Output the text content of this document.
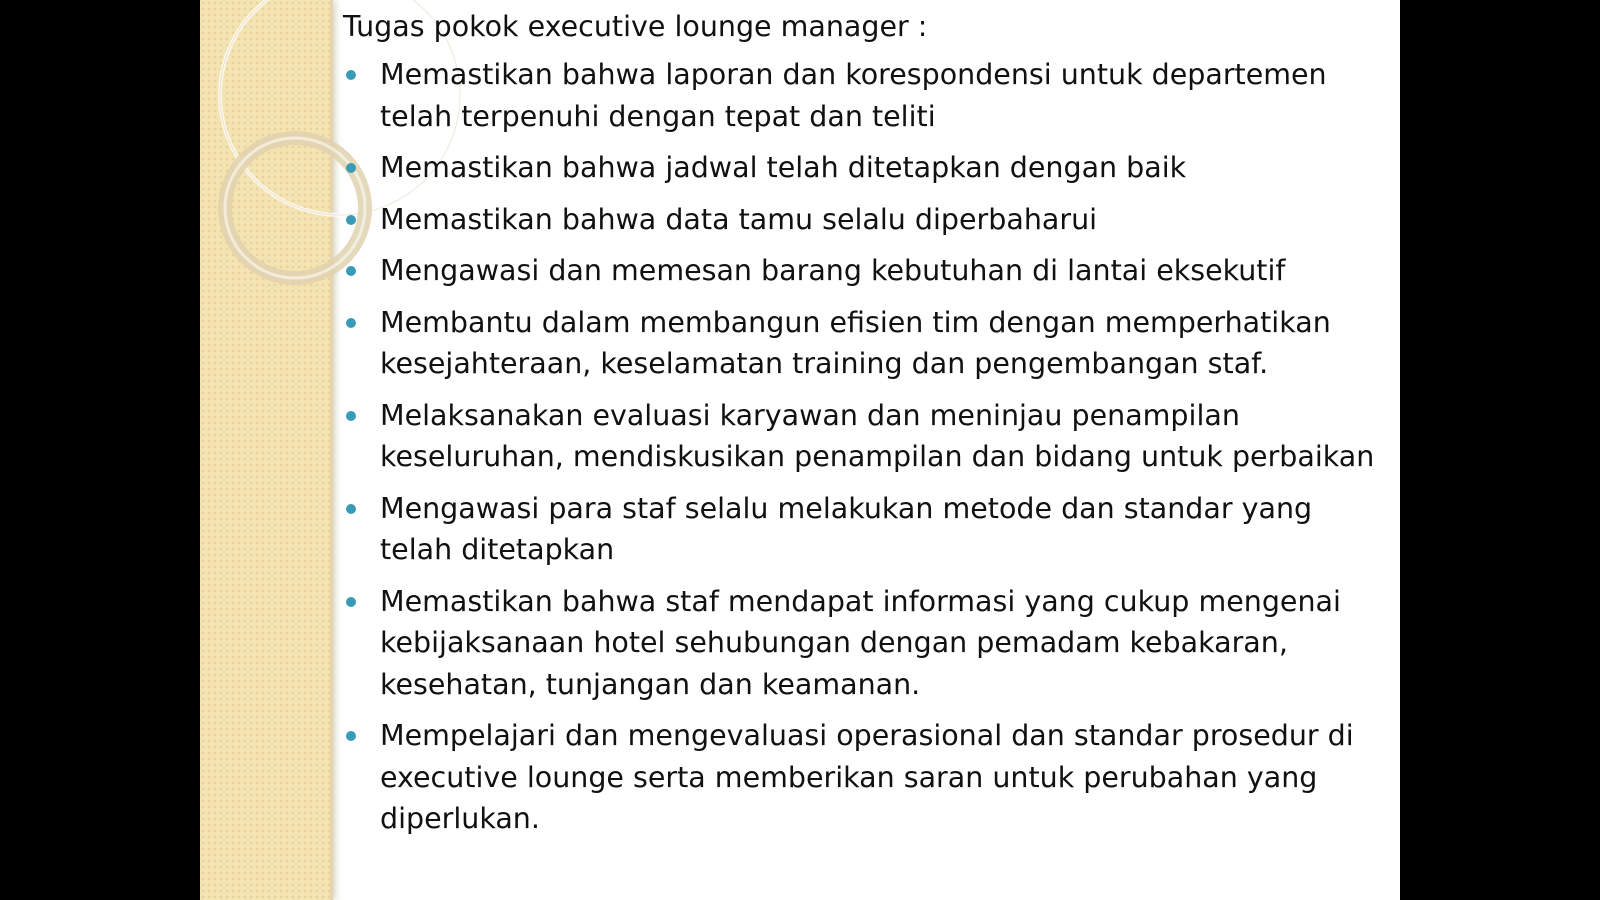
Tugas pokok executive lounge manager :
Memastikan bahwa laporan dan korespondensi untuk departemen telah terpenuhi dengan tepat dan teliti
Memastikan bahwa jadwal telah ditetapkan dengan baik
Memastikan bahwa data tamu selalu diperbaharui
Mengawasi dan memesan barang kebutuhan di lantai eksekutif
Membantu dalam membangun efisien tim dengan memperhatikan kesejahteraan, keselamatan training dan pengembangan staf.
Melaksanakan evaluasi karyawan dan meninjau penampilan keseluruhan, mendiskusikan penampilan dan bidang untuk perbaikan
Mengawasi para staf selalu melakukan metode dan standar yang telah ditetapkan
Memastikan bahwa staf mendapat informasi yang cukup mengenai kebijaksanaan hotel sehubungan dengan pemadam kebakaran, kesehatan, tunjangan dan keamanan.
Mempelajari dan mengevaluasi operasional dan standar prosedur di executive lounge serta memberikan saran untuk perubahan yang diperlukan.
